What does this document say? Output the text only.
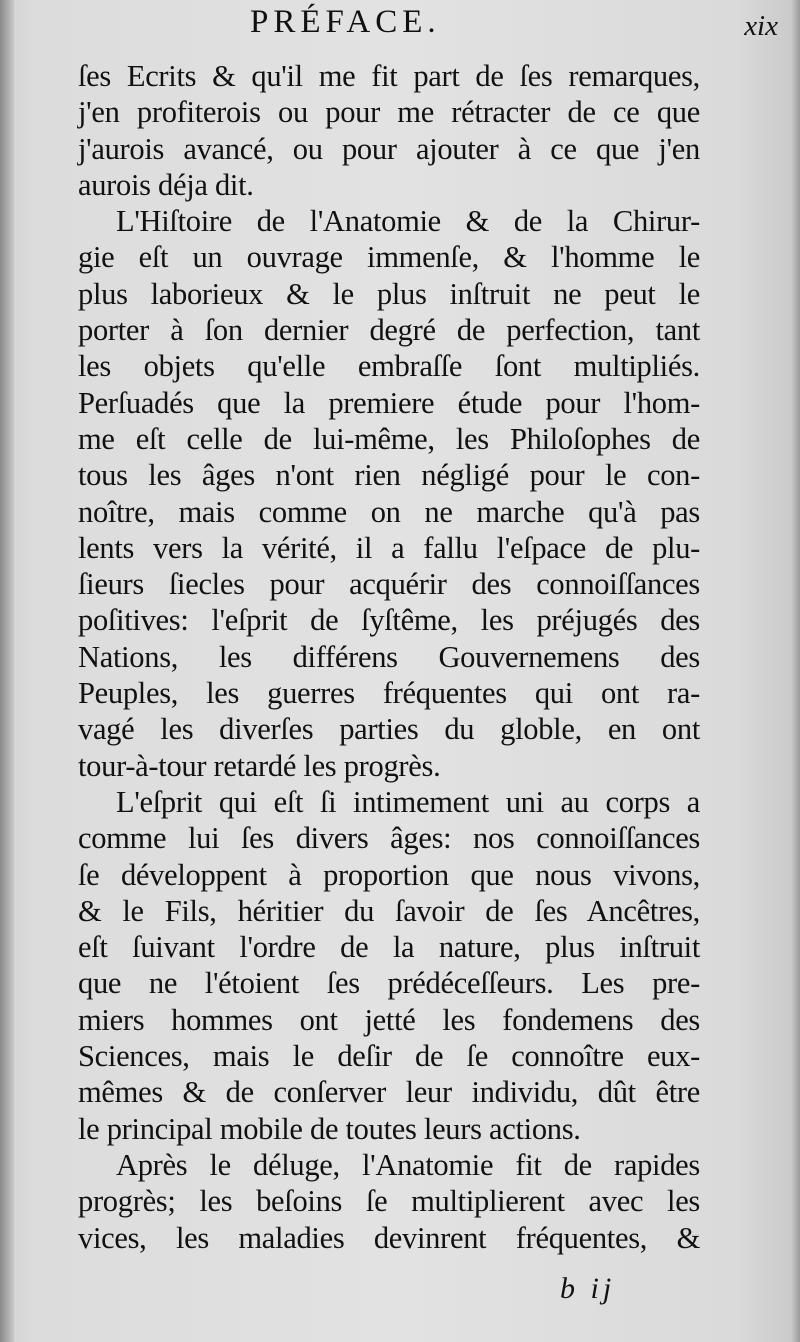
PRÉFACE.	xix
ſes Ecrits & qu'il me fit part de ſes remarques,
j'en profiterois ou pour me rétracter de ce que
j'aurois avancé, ou pour ajouter à ce que j'en
aurois déja dit.
L'Hiſtoire de l'Anatomie & de la Chirur-
gie eſt un ouvrage immenſe, & l'homme le
plus laborieux & le plus inſtruit ne peut le
porter à ſon dernier degré de perfection, tant
les objets qu'elle embraſſe ſont multipliés.
Perſuadés que la premiere étude pour l'hom-
me eſt celle de lui-même, les Philoſophes de
tous les âges n'ont rien négligé pour le con-
noître, mais comme on ne marche qu'à pas
lents vers la vérité, il a fallu l'eſpace de plu-
ſieurs ſiecles pour acquérir des connoiſſances
poſitives: l'eſprit de ſyſtême, les préjugés des
Nations, les différens Gouvernemens des
Peuples, les guerres fréquentes qui ont ra-
vagé les diverſes parties du globle, en ont
tour-à-tour retardé les progrès.
L'eſprit qui eſt ſi intimement uni au corps a
comme lui ſes divers âges: nos connoiſſances
ſe développent à proportion que nous vivons,
& le Fils, héritier du ſavoir de ſes Ancêtres,
eſt ſuivant l'ordre de la nature, plus inſtruit
que ne l'étoient ſes prédéceſſeurs. Les pre-
miers hommes ont jetté les fondemens des
Sciences, mais le deſir de ſe connoître eux-
mêmes & de conſerver leur individu, dût être
le principal mobile de toutes leurs actions.
Après le déluge, l'Anatomie fit de rapides
progrès; les beſoins ſe multiplierent avec les
vices, les maladies devinrent fréquentes, &
b ij
